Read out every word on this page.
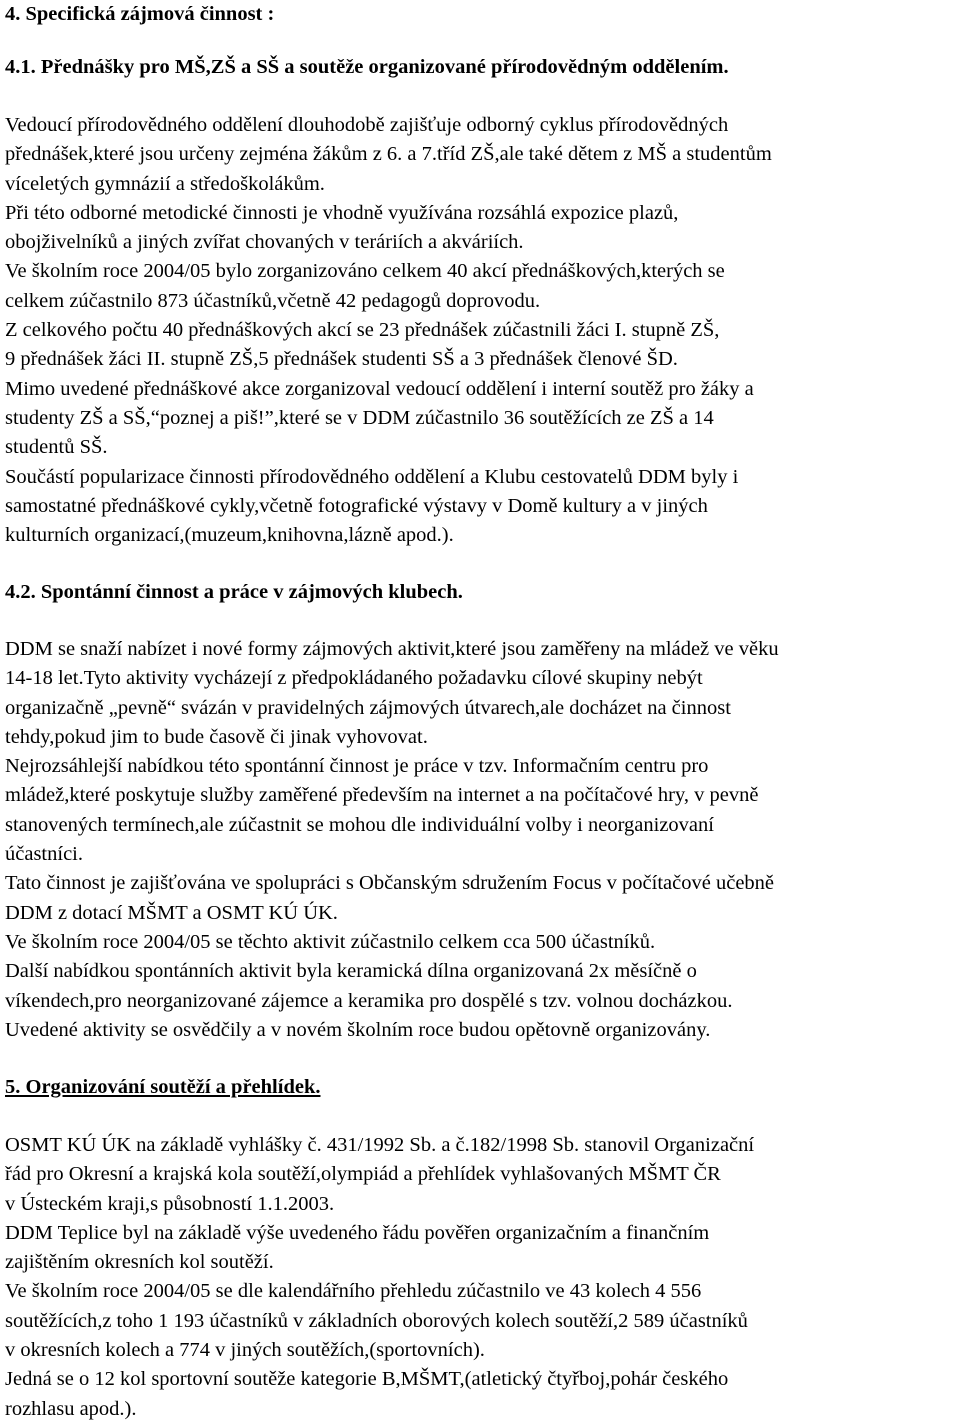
4. Specifická zájmová činnost :
4.1. Přednášky pro MŠ,ZŠ a SŠ a soutěže organizované přírodovědným oddělením.
Vedoucí přírodovědného oddělení dlouhodobě zajišťuje odborný cyklus přírodovědných
přednášek,které jsou určeny zejména žákům z 6. a 7.tříd ZŠ,ale také dětem z MŠ a studentům
víceletých gymnázií a středoškolákům.
Při této odborné metodické činnosti je vhodně využívána rozsáhlá expozice plazů,
obojživelníků a jiných zvířat chovaných v teráriích a akváriích.
Ve školním roce 2004/05 bylo zorganizováno celkem 40 akcí přednáškových,kterých se
celkem zúčastnilo 873 účastníků,včetně 42 pedagogů doprovodu.
Z celkového počtu 40 přednáškových akcí se 23 přednášek zúčastnili žáci I. stupně ZŠ,
9 přednášek žáci II. stupně ZŠ,5 přednášek studenti SŠ a 3 přednášek členové ŠD.
Mimo uvedené přednáškové akce zorganizoval vedoucí oddělení i interní soutěž pro žáky a
studenty ZŠ a SŠ,“poznej a piš!”,které se v DDM zúčastnilo 36 soutěžících ze ZŠ a 14
studentů SŠ.
Součástí popularizace činnosti přírodovědného oddělení a Klubu cestovatelů DDM byly i
samostatné přednáškové cykly,včetně fotografické výstavy v Domě kultury a v jiných
kulturních organizací,(muzeum,knihovna,lázně apod.).
4.2. Spontánní činnost a práce v zájmových klubech.
DDM se snaží nabízet i nové formy zájmových aktivit,které jsou zaměřeny na mládež ve věku
14-18 let.Tyto aktivity vycházejí z předpokládaného požadavku cílové skupiny nebýt
organizačně „pevně“ svázán v pravidelných zájmových útvarech,ale docházet na činnost
tehdy,pokud jim to bude časově či jinak vyhovovat.
Nejrozsáhlejší nabídkou této spontánní činnost je práce v tzv. Informačním centru pro
mládež,které poskytuje služby zaměřené především na internet a na počítačové hry, v pevně
stanovených termínech,ale zúčastnit se mohou dle individuální volby i neorganizovaní
účastníci.
Tato činnost je zajišťována ve spolupráci s Občanským sdružením Focus v počítačové učebně
DDM z dotací MŠMT a OSMT KÚ ÚK.
Ve školním roce 2004/05 se těchto aktivit zúčastnilo celkem cca 500 účastníků.
Další nabídkou spontánních aktivit byla keramická dílna organizovaná 2x měsíčně o
víkendech,pro neorganizované zájemce a keramika pro dospělé s tzv. volnou docházkou.
Uvedené aktivity se osvědčily a v novém školním roce budou opětovně organizovány.
5. Organizování soutěží a přehlídek.
OSMT KÚ ÚK na základě vyhlášky č. 431/1992 Sb. a č.182/1998 Sb. stanovil Organizační
řád pro Okresní a krajská kola soutěží,olympiád a přehlídek vyhlašovaných MŠMT ČR
v Ústeckém kraji,s působností 1.1.2003.
DDM Teplice byl na základě výše uvedeného řádu pověřen organizačním a finančním
zajištěním okresních kol soutěží.
Ve školním roce 2004/05 se dle kalendářního přehledu zúčastnilo ve 43 kolech 4 556
soutěžících,z toho 1 193 účastníků v základních oborových kolech soutěží,2 589 účastníků
v okresních kolech a 774 v jiných soutěžích,(sportovních).
Jedná se o 12 kol sportovní soutěže kategorie B,MŠMT,(atletický čtyřboj,pohár českého
rozhlasu apod.).
